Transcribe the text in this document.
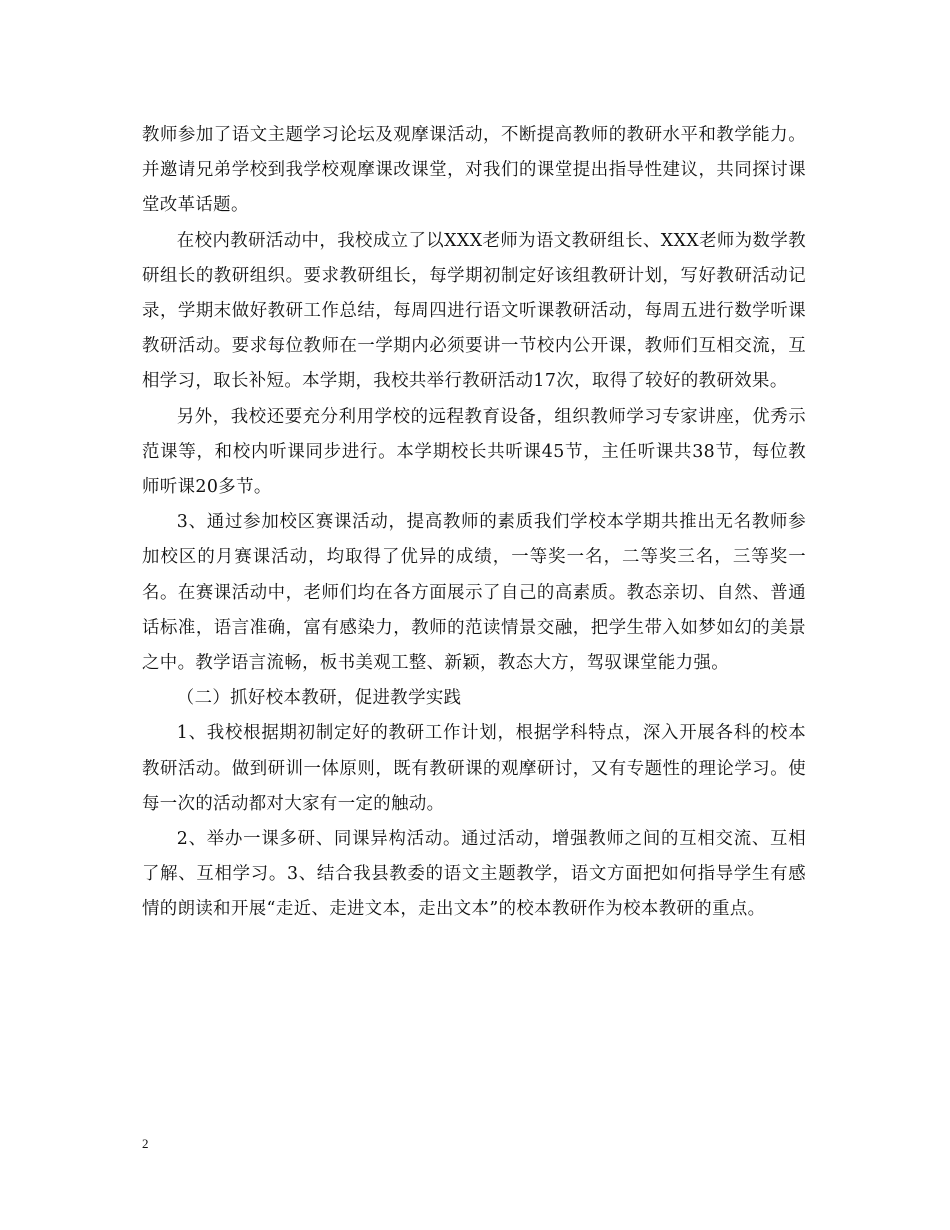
教师参加了语文主题学习论坛及观摩课活动，不断提高教师的教研水平和教学能力。并邀请兄弟学校到我学校观摩课改课堂，对我们的课堂提出指导性建议，共同探讨课堂改革话题。

在校内教研活动中，我校成立了以XXX老师为语文教研组长、XXX老师为数学教研组长的教研组织。要求教研组长，每学期初制定好该组教研计划，写好教研活动记录，学期末做好教研工作总结，每周四进行语文听课教研活动，每周五进行数学听课教研活动。要求每位教师在一学期内必须要讲一节校内公开课，教师们互相交流，互相学习，取长补短。本学期，我校共举行教研活动17次，取得了较好的教研效果。

另外，我校还要充分利用学校的远程教育设备，组织教师学习专家讲座，优秀示范课等，和校内听课同步进行。本学期校长共听课45节，主任听课共38节，每位教师听课20多节。

3、通过参加校区赛课活动，提高教师的素质我们学校本学期共推出无名教师参加校区的月赛课活动，均取得了优异的成绩，一等奖一名，二等奖三名，三等奖一名。在赛课活动中，老师们均在各方面展示了自己的高素质。教态亲切、自然、普通话标准，语言准确，富有感染力，教师的范读情景交融，把学生带入如梦如幻的美景之中。教学语言流畅，板书美观工整、新颖，教态大方，驾驭课堂能力强。

（二）抓好校本教研，促进教学实践

1、我校根据期初制定好的教研工作计划，根据学科特点，深入开展各科的校本教研活动。做到研训一体原则，既有教研课的观摩研讨，又有专题性的理论学习。使每一次的活动都对大家有一定的触动。

2、举办一课多研、同课异构活动。通过活动，增强教师之间的互相交流、互相了解、互相学习。3、结合我县教委的语文主题教学，语文方面把如何指导学生有感情的朗读和开展“走近、走进文本，走出文本”的校本教研作为校本教研的重点。

2
